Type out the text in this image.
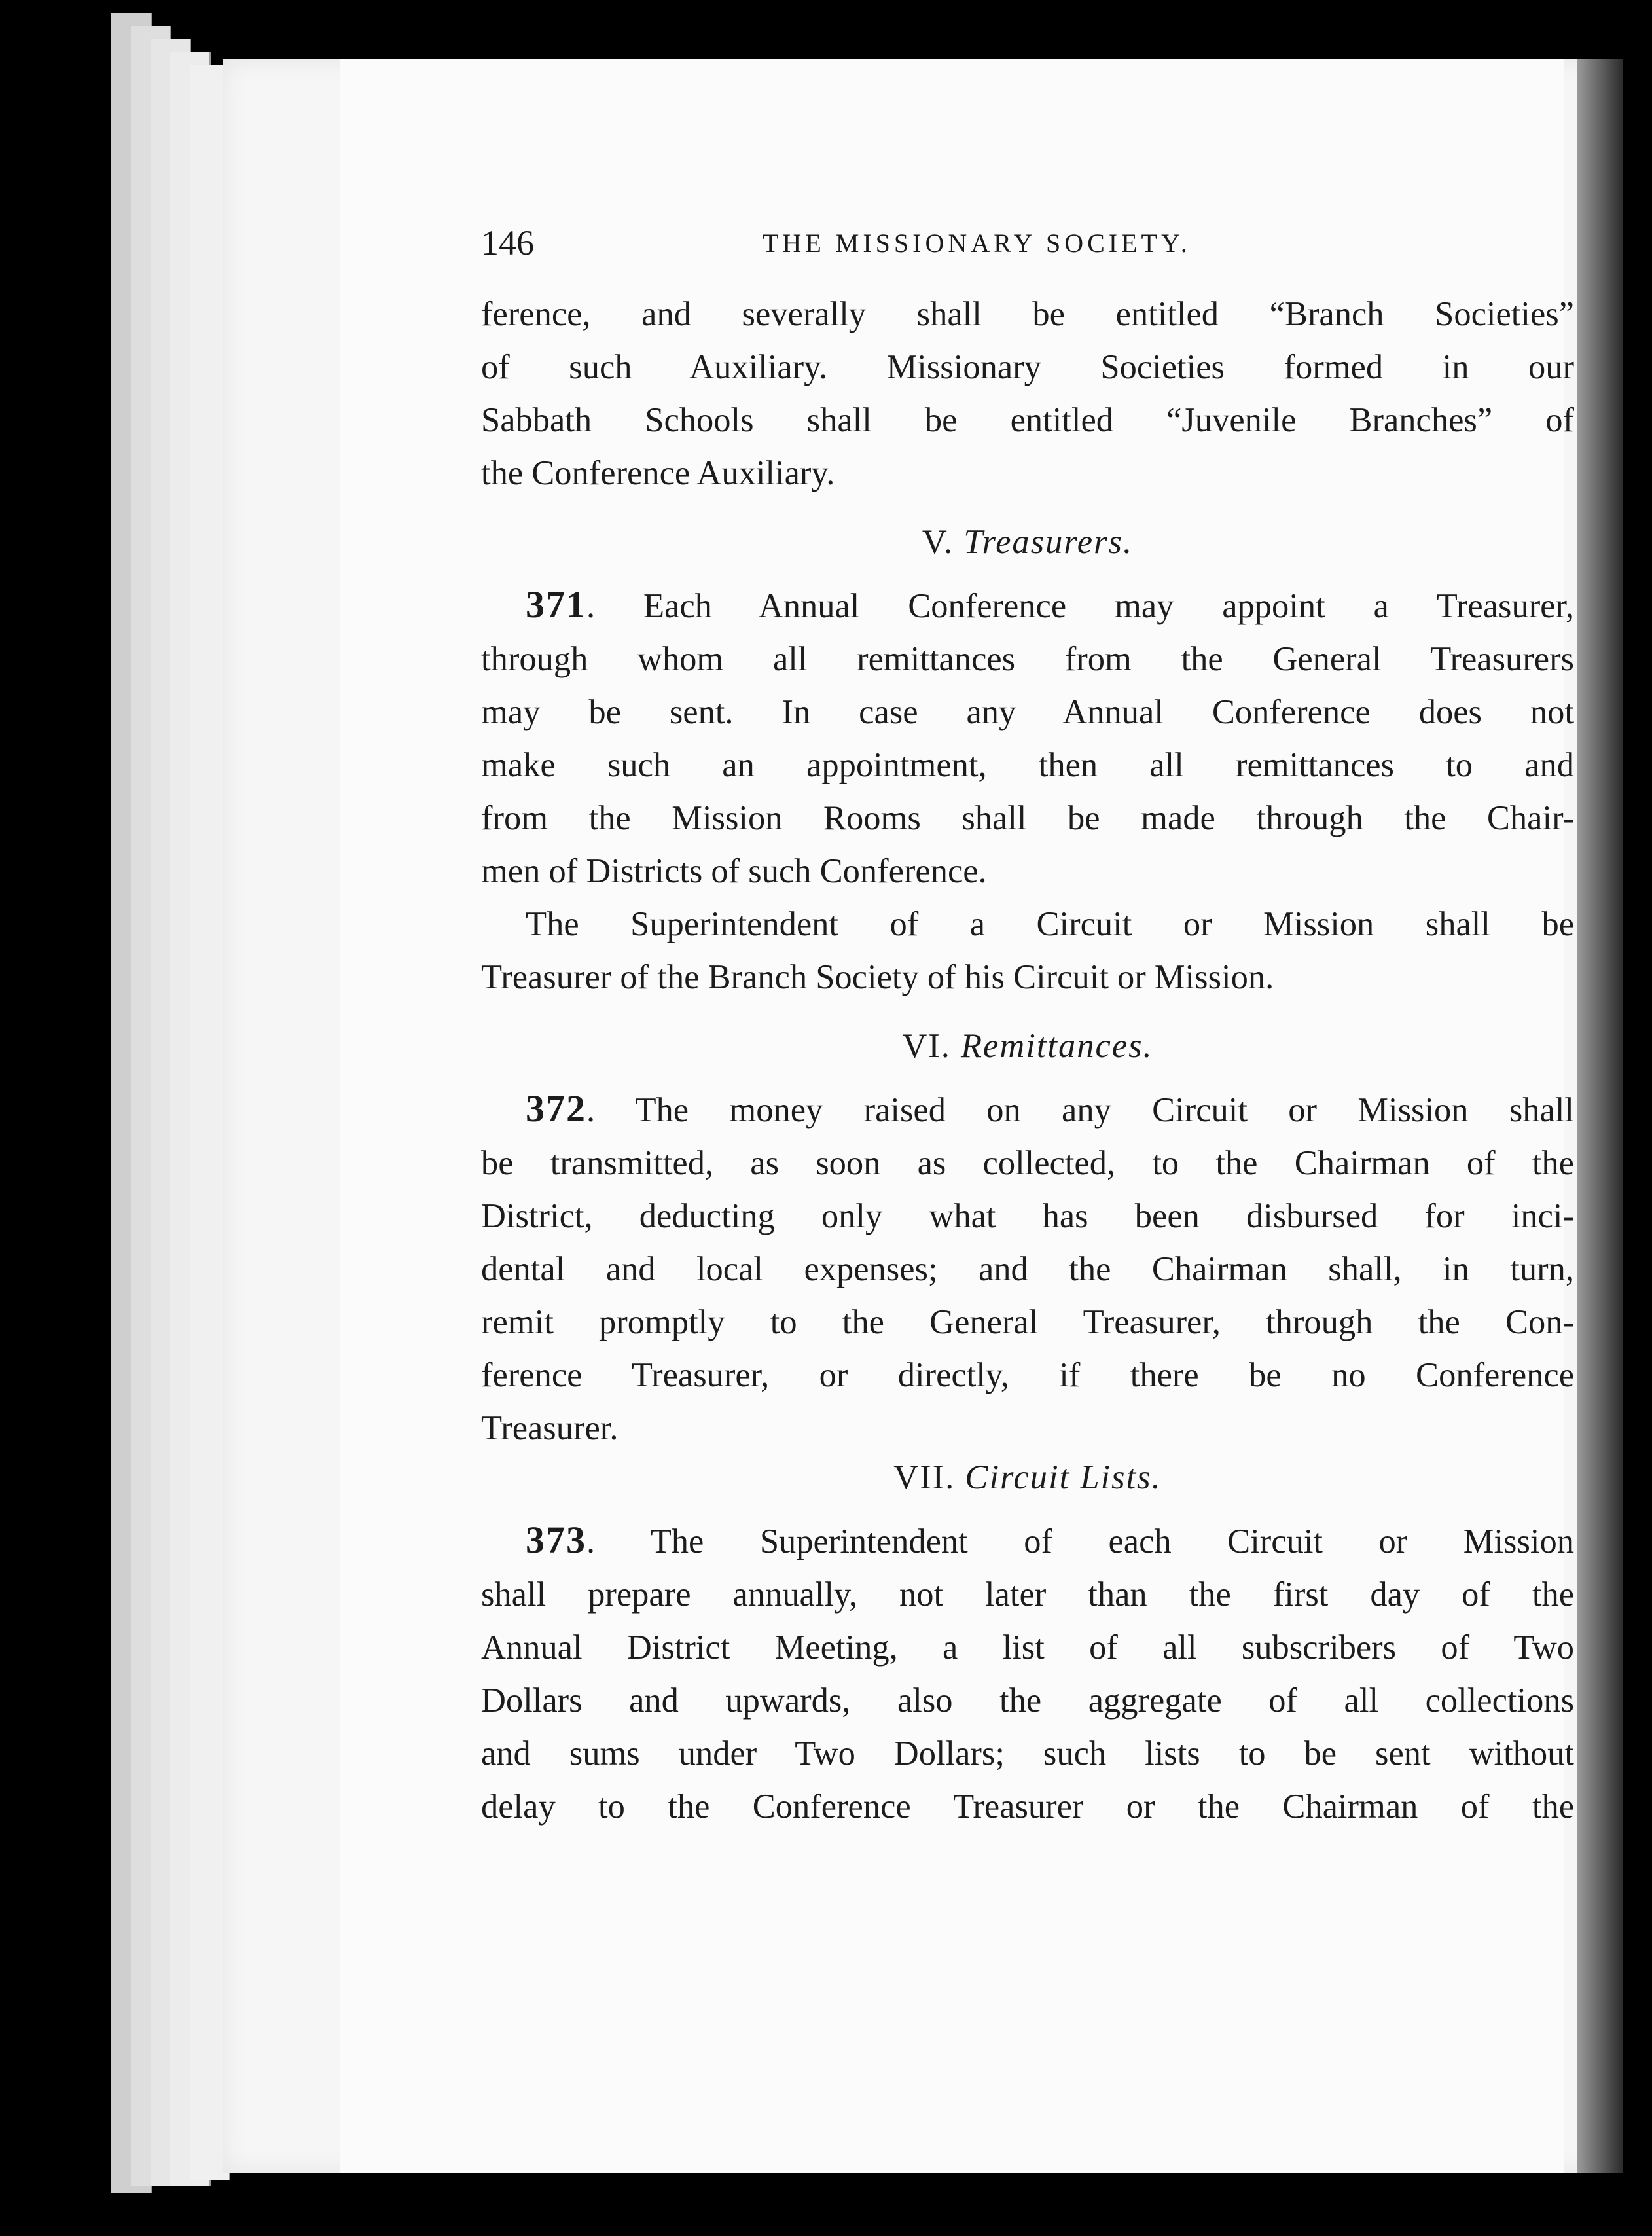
146	THE MISSIONARY SOCIETY.

ference, and severally shall be entitled “Branch Societies”
of such Auxiliary. Missionary Societies formed in our
Sabbath Schools shall be entitled “Juvenile Branches” of
the Conference Auxiliary.

V. Treasurers.

371. Each Annual Conference may appoint a Treasurer,
through whom all remittances from the General Treasurers
may be sent. In case any Annual Conference does not
make such an appointment, then all remittances to and
from the Mission Rooms shall be made through the Chair-
men of Districts of such Conference.

The Superintendent of a Circuit or Mission shall be
Treasurer of the Branch Society of his Circuit or Mission.

VI. Remittances.

372. The money raised on any Circuit or Mission shall
be transmitted, as soon as collected, to the Chairman of the
District, deducting only what has been disbursed for inci-
dental and local expenses; and the Chairman shall, in turn,
remit promptly to the General Treasurer, through the Con-
ference Treasurer, or directly, if there be no Conference
Treasurer.

VII. Circuit Lists.

373. The Superintendent of each Circuit or Mission
shall prepare annually, not later than the first day of the
Annual District Meeting, a list of all subscribers of Two
Dollars and upwards, also the aggregate of all collections
and sums under Two Dollars; such lists to be sent without
delay to the Conference Treasurer or the Chairman of the
